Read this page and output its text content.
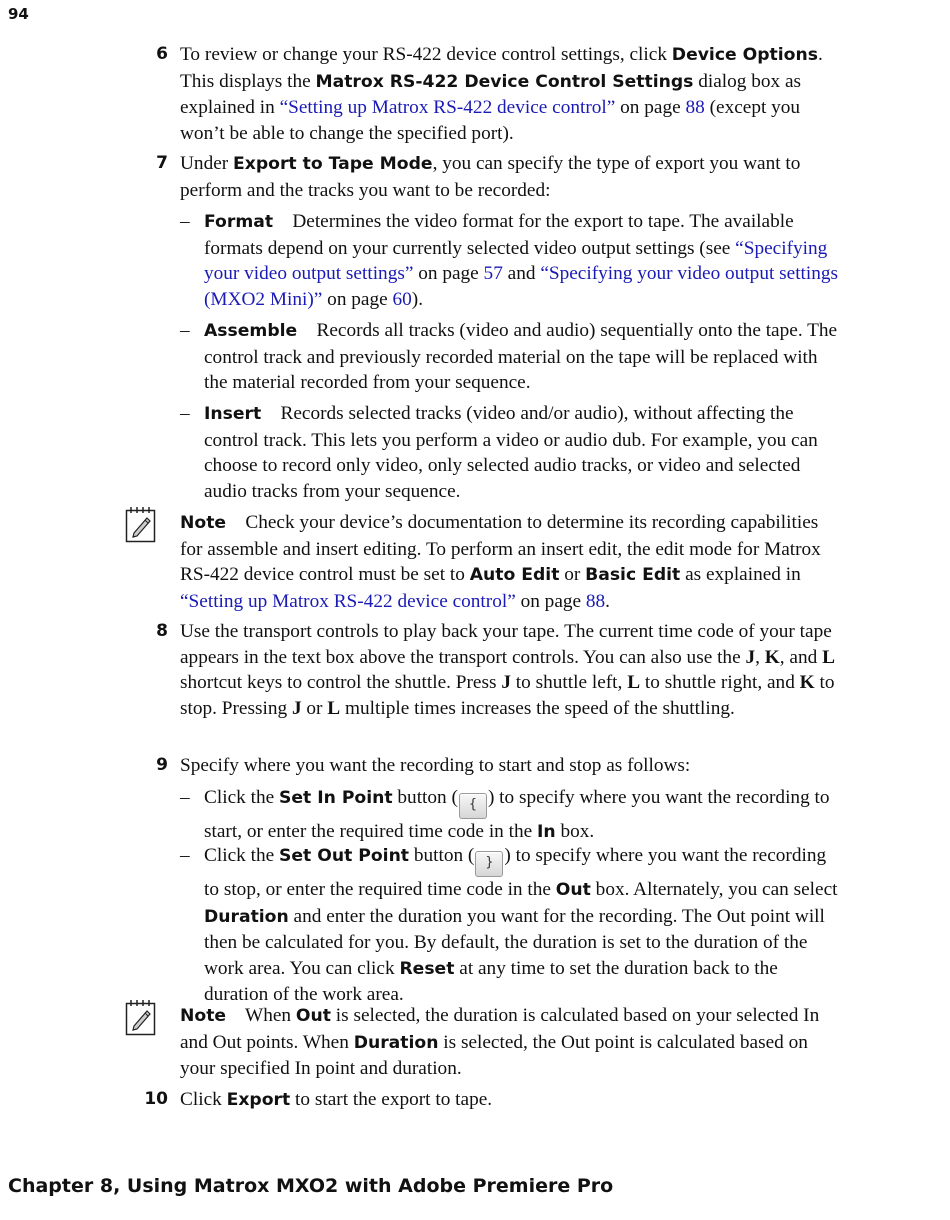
94
6 To review or change your RS-422 device control settings, click Device Options. This displays the Matrox RS-422 Device Control Settings dialog box as explained in “Setting up Matrox RS-422 device control” on page 88 (except you won’t be able to change the specified port).
7 Under Export to Tape Mode, you can specify the type of export you want to perform and the tracks you want to be recorded:
– Format Determines the video format for the export to tape. The available formats depend on your currently selected video output settings (see “Specifying your video output settings” on page 57 and “Specifying your video output settings (MXO2 Mini)” on page 60).
– Assemble Records all tracks (video and audio) sequentially onto the tape. The control track and previously recorded material on the tape will be replaced with the material recorded from your sequence.
– Insert Records selected tracks (video and/or audio), without affecting the control track. This lets you perform a video or audio dub. For example, you can choose to record only video, only selected audio tracks, or video and selected audio tracks from your sequence.
Note Check your device’s documentation to determine its recording capabilities for assemble and insert editing. To perform an insert edit, the edit mode for Matrox RS-422 device control must be set to Auto Edit or Basic Edit as explained in “Setting up Matrox RS-422 device control” on page 88.
8 Use the transport controls to play back your tape. The current time code of your tape appears in the text box above the transport controls. You can also use the J, K, and L shortcut keys to control the shuttle. Press J to shuttle left, L to shuttle right, and K to stop. Pressing J or L multiple times increases the speed of the shuttling.
9 Specify where you want the recording to start and stop as follows:
– Click the Set In Point button ( { ) to specify where you want the recording to start, or enter the required time code in the In box.
– Click the Set Out Point button ( } ) to specify where you want the recording to stop, or enter the required time code in the Out box. Alternately, you can select Duration and enter the duration you want for the recording. The Out point will then be calculated for you. By default, the duration is set to the duration of the work area. You can click Reset at any time to set the duration back to the duration of the work area.
Note When Out is selected, the duration is calculated based on your selected In and Out points. When Duration is selected, the Out point is calculated based on your specified In point and duration.
10 Click Export to start the export to tape.
Chapter 8, Using Matrox MXO2 with Adobe Premiere Pro
